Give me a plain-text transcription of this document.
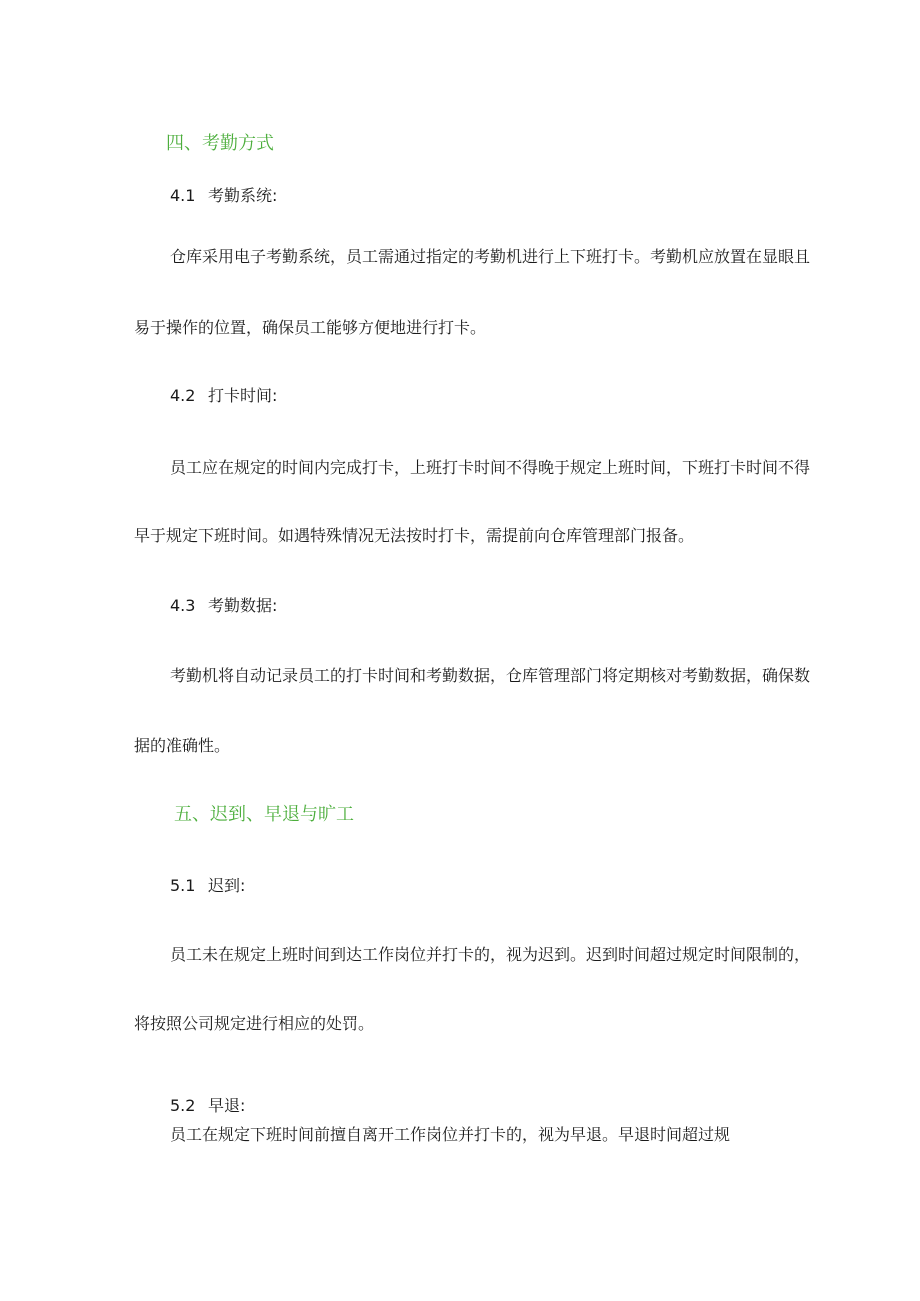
四、考勤方式
4.1 考勤系统:
仓库采用电子考勤系统，员工需通过指定的考勤机进行上下班打卡。考勤机应放置在显眼且
易于操作的位置，确保员工能够方便地进行打卡。
4.2 打卡时间:
员工应在规定的时间内完成打卡，上班打卡时间不得晚于规定上班时间，下班打卡时间不得
早于规定下班时间。如遇特殊情况无法按时打卡，需提前向仓库管理部门报备。
4.3 考勤数据:
考勤机将自动记录员工的打卡时间和考勤数据，仓库管理部门将定期核对考勤数据，确保数
据的准确性。
五、迟到、早退与旷工
5.1 迟到:
员工未在规定上班时间到达工作岗位并打卡的，视为迟到。迟到时间超过规定时间限制的，
将按照公司规定进行相应的处罚。
5.2 早退:
员工在规定下班时间前擅自离开工作岗位并打卡的，视为早退。早退时间超过规
